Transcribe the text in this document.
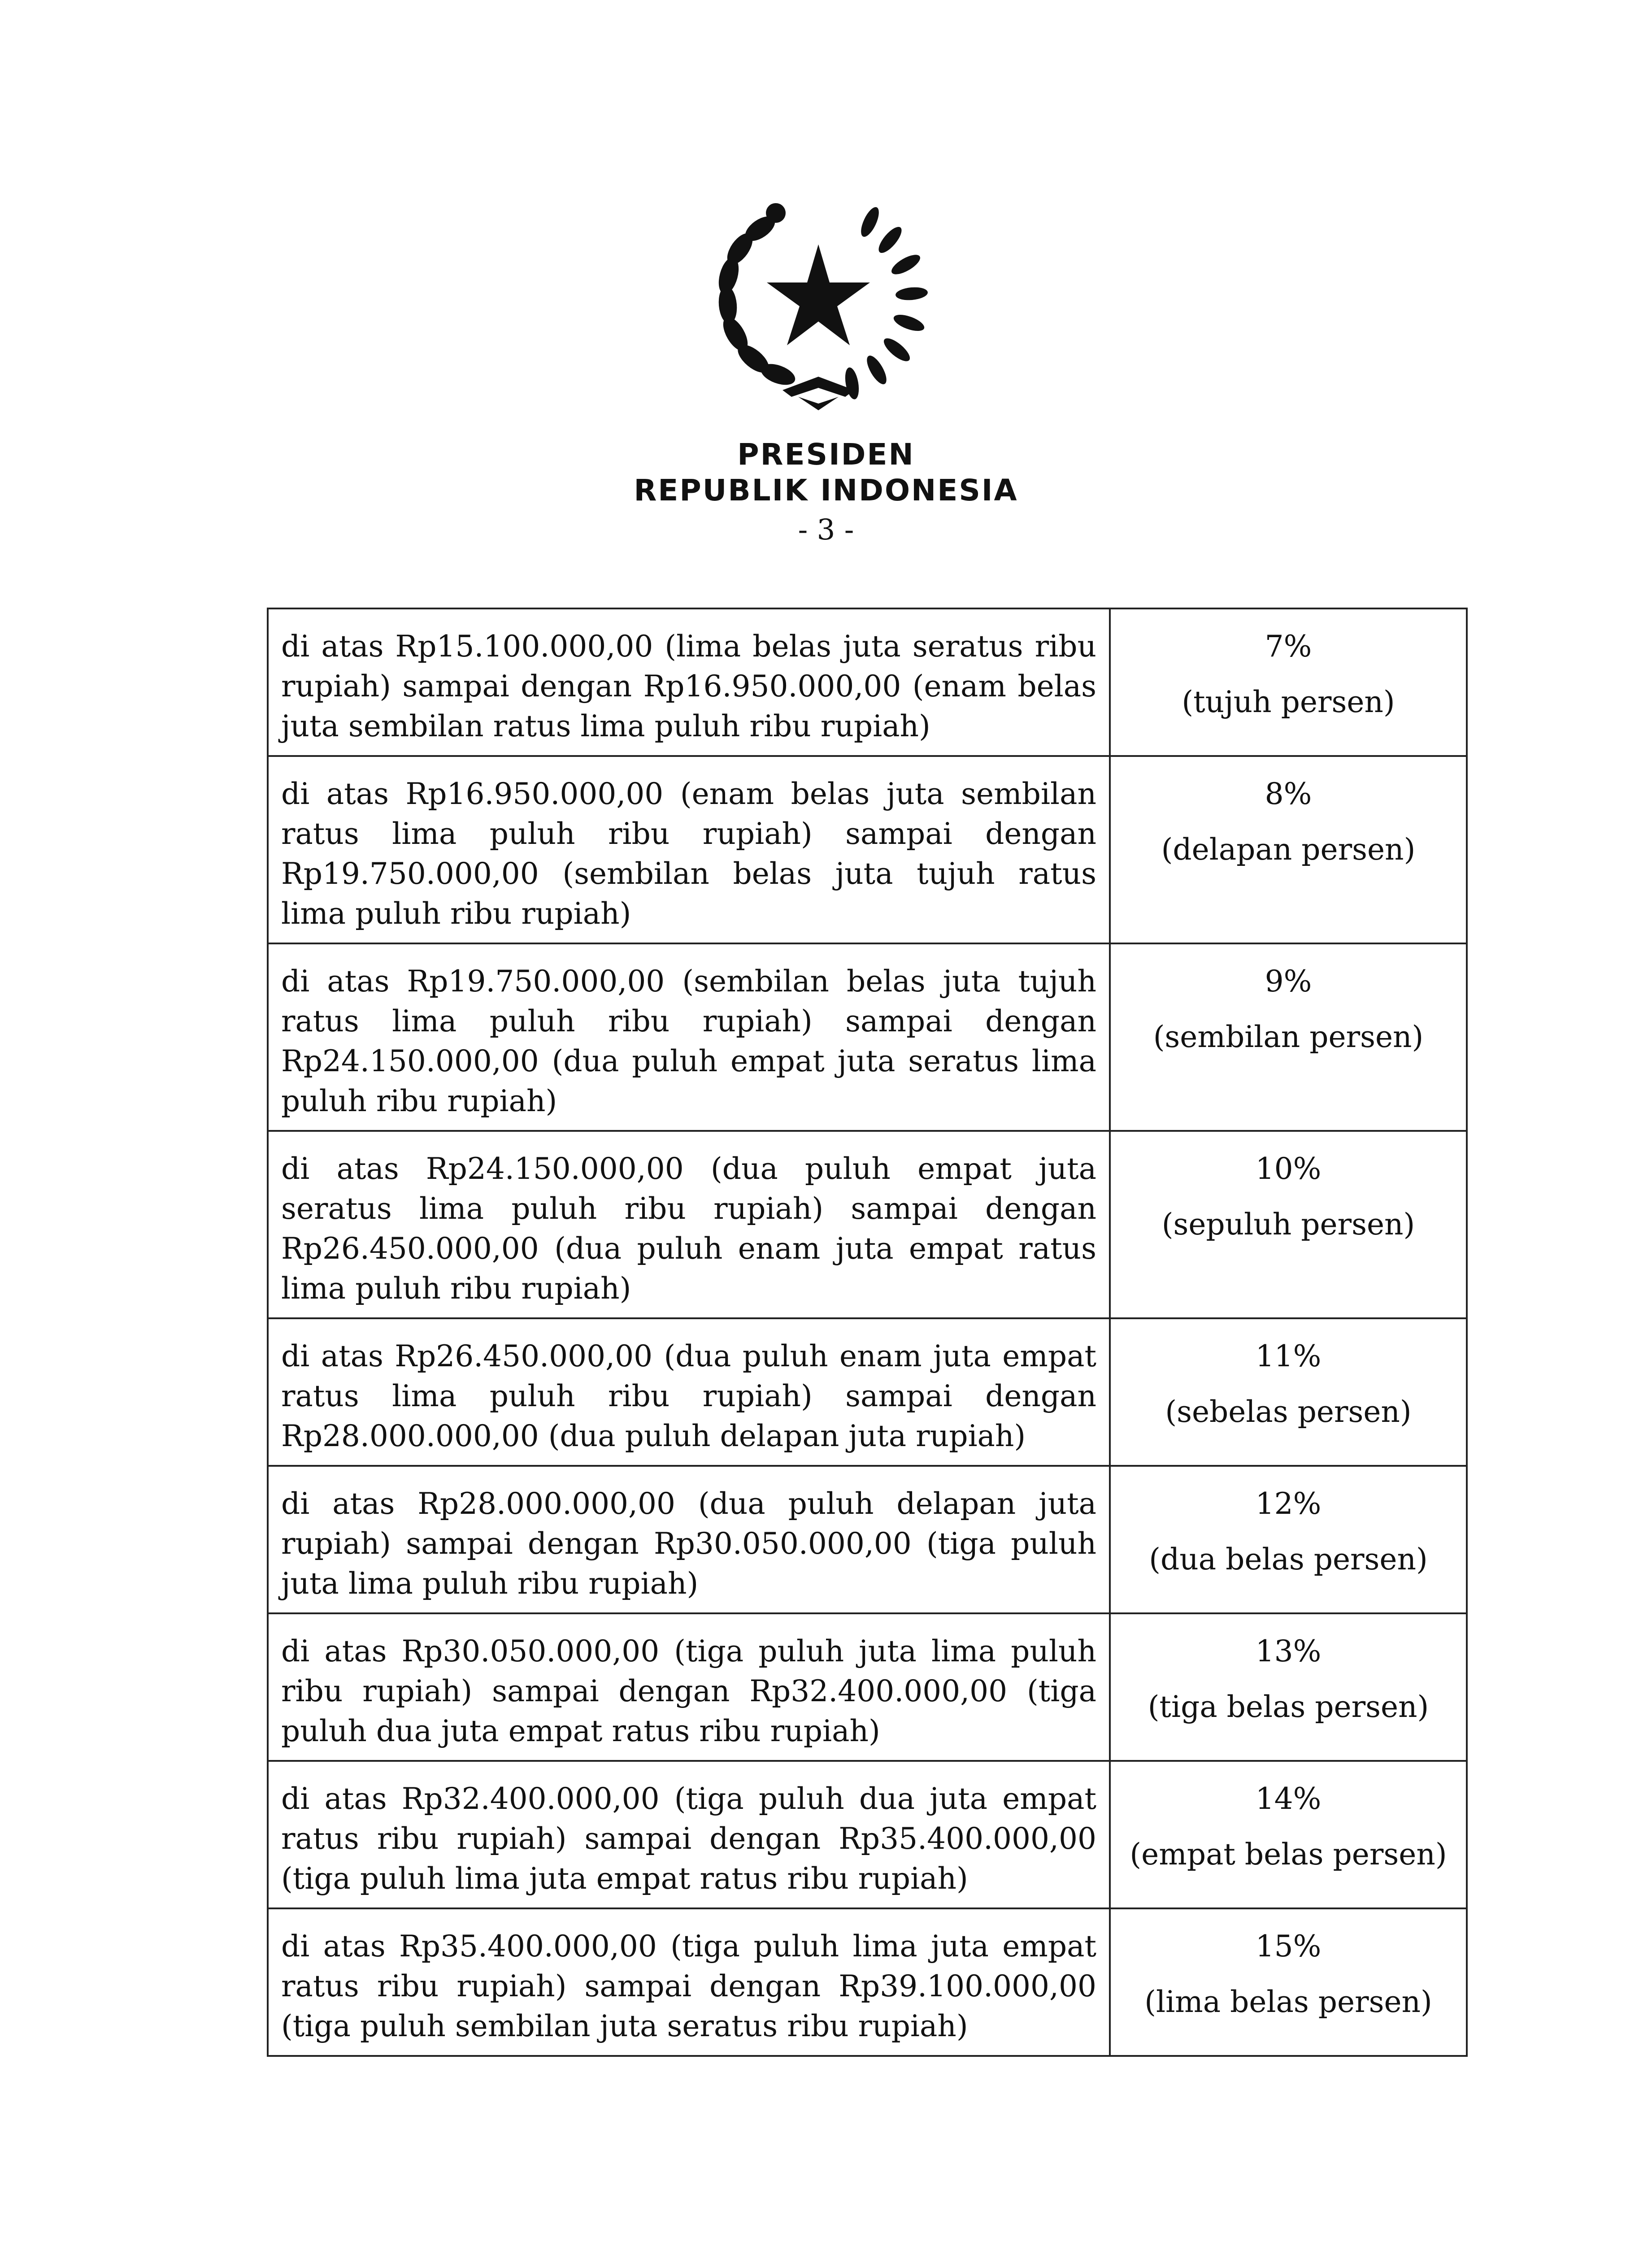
PRESIDEN
REPUBLIK INDONESIA
- 3 -
di atas Rp15.100.000,00 (lima belas juta seratus ribu rupiah) sampai dengan Rp16.950.000,00 (enam belas juta sembilan ratus lima puluh ribu rupiah)	7%
(tujuh persen)

di atas Rp16.950.000,00 (enam belas juta sembilan ratus lima puluh ribu rupiah) sampai dengan Rp19.750.000,00 (sembilan belas juta tujuh ratus lima puluh ribu rupiah)	8%
(delapan persen)

di atas Rp19.750.000,00 (sembilan belas juta tujuh ratus lima puluh ribu rupiah) sampai dengan Rp24.150.000,00 (dua puluh empat juta seratus lima puluh ribu rupiah)	9%
(sembilan persen)

di atas Rp24.150.000,00 (dua puluh empat juta seratus lima puluh ribu rupiah) sampai dengan Rp26.450.000,00 (dua puluh enam juta empat ratus lima puluh ribu rupiah)	10%
(sepuluh persen)

di atas Rp26.450.000,00 (dua puluh enam juta empat ratus lima puluh ribu rupiah) sampai dengan Rp28.000.000,00 (dua puluh delapan juta rupiah)	11%
(sebelas persen)

di atas Rp28.000.000,00 (dua puluh delapan juta rupiah) sampai dengan Rp30.050.000,00 (tiga puluh juta lima puluh ribu rupiah)	12%
(dua belas persen)

di atas Rp30.050.000,00 (tiga puluh juta lima puluh ribu rupiah) sampai dengan Rp32.400.000,00 (tiga puluh dua juta empat ratus ribu rupiah)	13%
(tiga belas persen)

di atas Rp32.400.000,00 (tiga puluh dua juta empat ratus ribu rupiah) sampai dengan Rp35.400.000,00 (tiga puluh lima juta empat ratus ribu rupiah)	14%
(empat belas persen)

di atas Rp35.400.000,00 (tiga puluh lima juta empat ratus ribu rupiah) sampai dengan Rp39.100.000,00 (tiga puluh sembilan juta seratus ribu rupiah)	15%
(lima belas persen)
